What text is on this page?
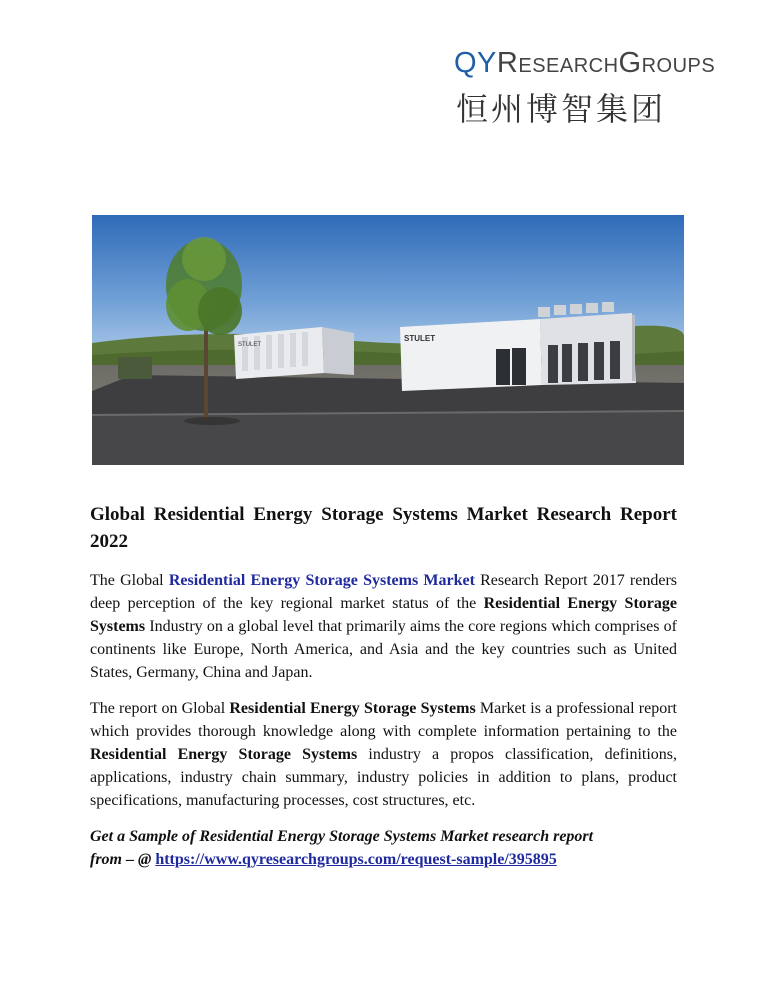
QYResearchGroups
恒州博智集团
STULET
STULET
Global Residential Energy Storage Systems Market Research Report 2022

The Global Residential Energy Storage Systems Market Research Report 2017 renders deep perception of the key regional market status of the Residential Energy Storage Systems Industry on a global level that primarily aims the core regions which comprises of continents like Europe, North America, and Asia and the key countries such as United States, Germany, China and Japan.

The report on Global Residential Energy Storage Systems Market is a professional report which provides thorough knowledge along with complete information pertaining to the Residential Energy Storage Systems industry a propos classification, definitions, applications, industry chain summary, industry policies in addition to plans, product specifications, manufacturing processes, cost structures, etc.

Get a Sample of Residential Energy Storage Systems Market research report
from – @ https://www.qyresearchgroups.com/request-sample/395895
